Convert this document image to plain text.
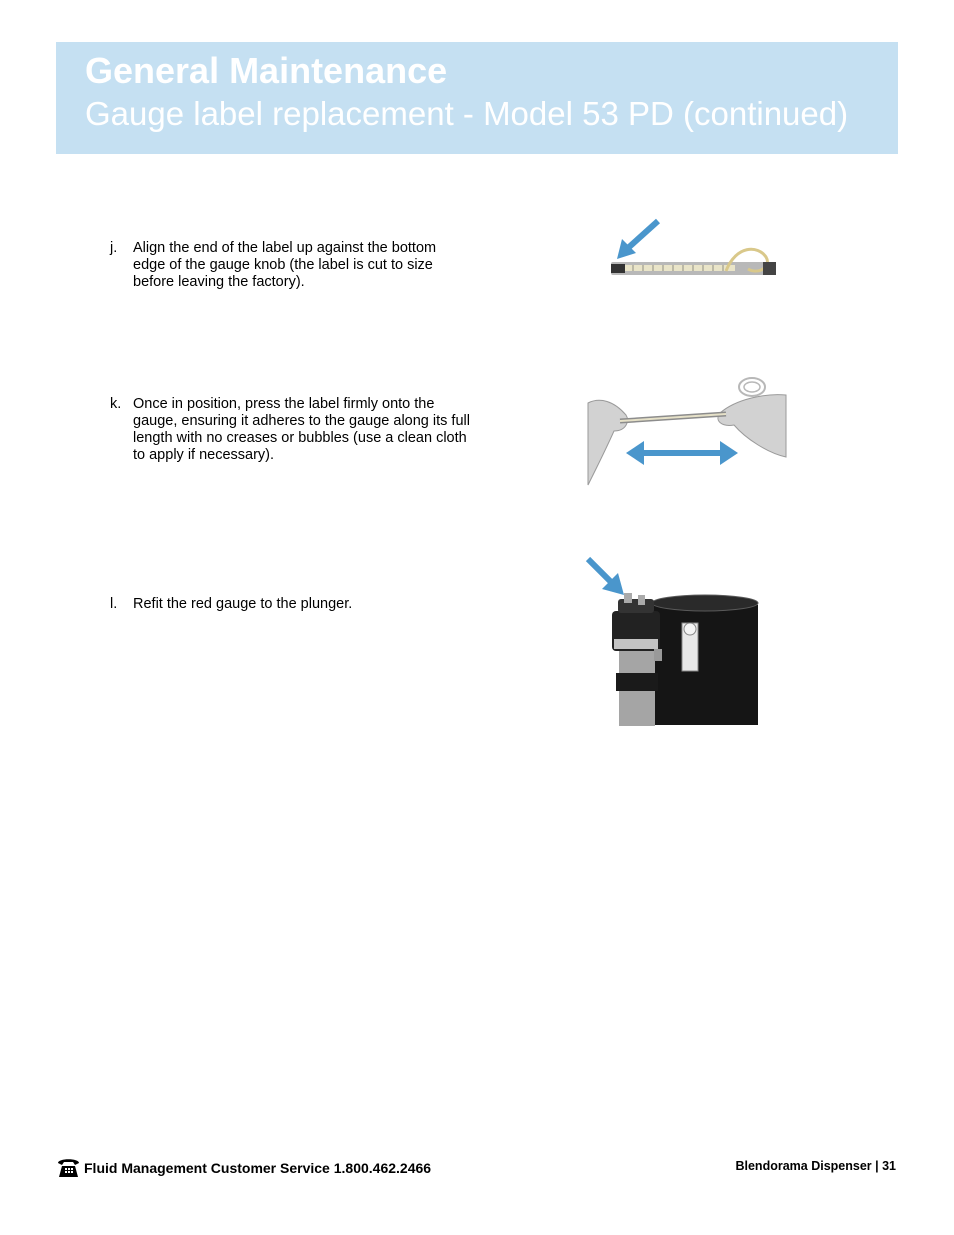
General Maintenance
Gauge label replacement - Model 53 PD (continued)
j. Align the end of the label up against the bottom edge of the gauge knob (the label is cut to size before leaving the factory).
k. Once in position, press the label firmly onto the gauge, ensuring it adheres to the gauge along its full length with no creases or bubbles (use a clean cloth to apply if necessary).
l. Refit the red gauge to the plunger.
Fluid Management Customer Service 1.800.462.2466	Blendorama Dispenser | 31
